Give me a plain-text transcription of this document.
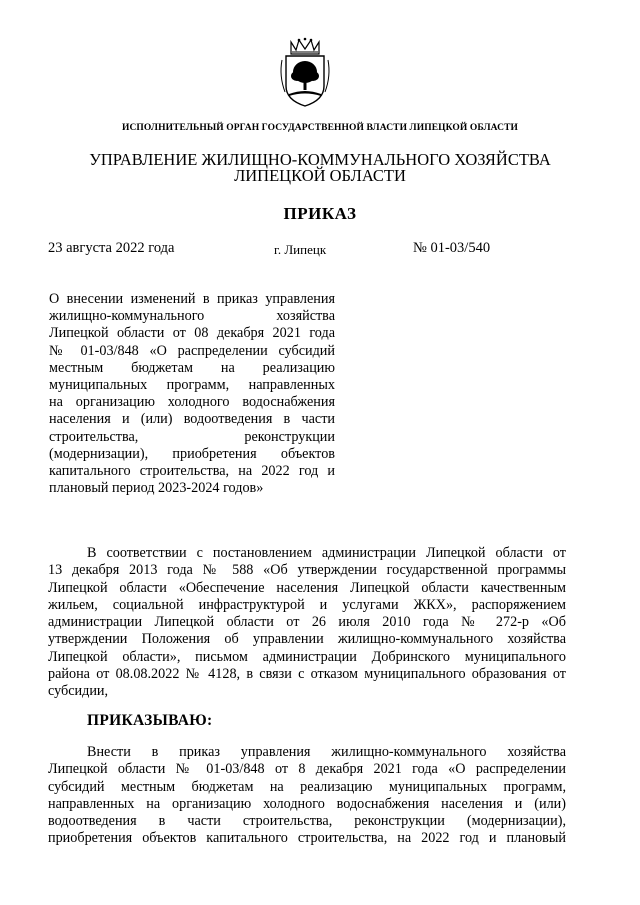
ИСПОЛНИТЕЛЬНЫЙ ОРГАН ГОСУДАРСТВЕННОЙ ВЛАСТИ ЛИПЕЦКОЙ ОБЛАСТИ
УПРАВЛЕНИЕ ЖИЛИЩНО-КОММУНАЛЬНОГО ХОЗЯЙСТВА
ЛИПЕЦКОЙ ОБЛАСТИ
ПРИКАЗ
23 августа 2022 года	г. Липецк	№ 01-03/540
О внесении изменений в приказ управления
жилищно-коммунального хозяйства
Липецкой области от 08 декабря 2021 года
№ 01-03/848 «О распределении субсидий
местным бюджетам на реализацию
муниципальных программ, направленных
на организацию холодного водоснабжения
населения и (или) водоотведения в части
строительства, реконструкции
(модернизации), приобретения объектов
капитального строительства, на 2022 год и
плановый период 2023-2024 годов»
В соответствии с постановлением администрации Липецкой области от
13 декабря 2013 года № 588 «Об утверждении государственной программы
Липецкой области «Обеспечение населения Липецкой области качественным
жильем, социальной инфраструктурой и услугами ЖКХ», распоряжением
администрации Липецкой области от 26 июля 2010 года № 272-р «Об
утверждении Положения об управлении жилищно-коммунального хозяйства
Липецкой области», письмом администрации Добринского муниципального
района от 08.08.2022 № 4128, в связи с отказом муниципального образования от
субсидии,
ПРИКАЗЫВАЮ:
Внести в приказ управления жилищно-коммунального хозяйства
Липецкой области № 01-03/848 от 8 декабря 2021 года «О распределении
субсидий местным бюджетам на реализацию муниципальных программ,
направленных на организацию холодного водоснабжения населения и (или)
водоотведения в части строительства, реконструкции (модернизации),
приобретения объектов капитального строительства, на 2022 год и плановый
